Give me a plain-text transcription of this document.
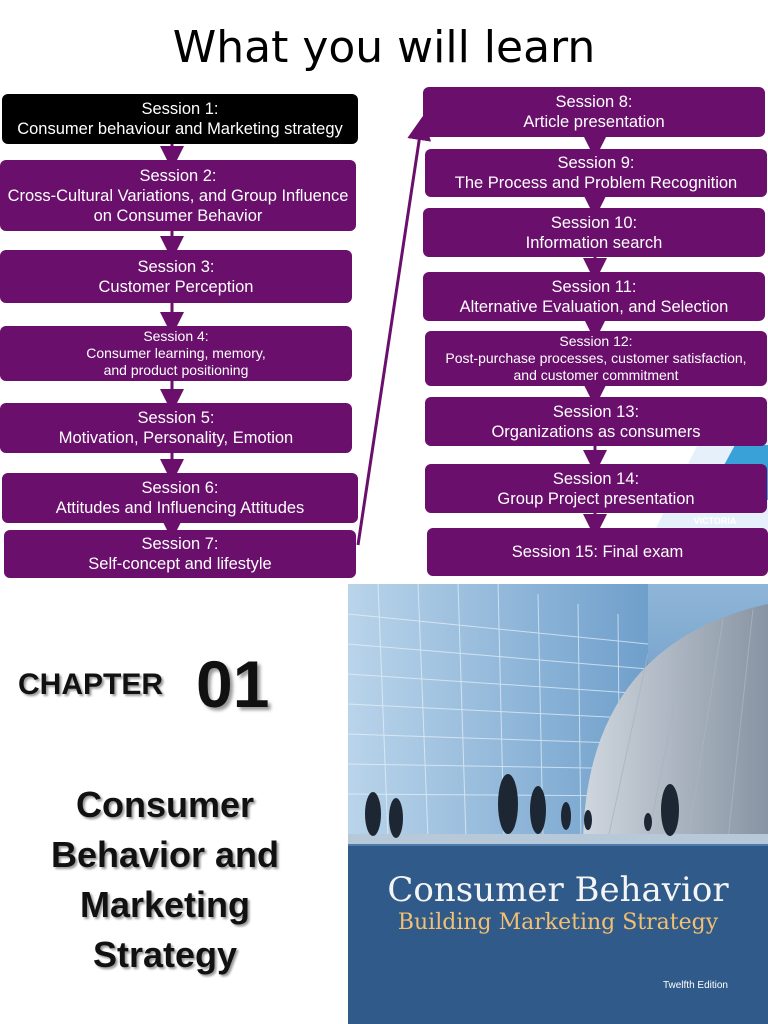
What you will learn
Session 1:
Consumer behaviour and Marketing strategy
Session 2:
Cross-Cultural Variations, and Group Influence
on Consumer Behavior
Session 3:
Customer Perception
Session 4:
Consumer learning, memory,
and product positioning
Session 5:
Motivation, Personality, Emotion
Session 6:
Attitudes and Influencing Attitudes
Session 7:
Self-concept and lifestyle
Session 8:
Article presentation
Session 9:
The Process and Problem Recognition
Session 10:
Information search
Session 11:
Alternative Evaluation, and Selection
Session 12:
Post-purchase processes, customer satisfaction,
and customer commitment
Session 13:
Organizations as consumers
Session 14:
Group Project presentation
Session 15: Final exam
VICTORIA
CHAPTER 01
Consumer
Behavior and
Marketing
Strategy
Consumer Behavior
Building Marketing Strategy
Twelfth Edition
